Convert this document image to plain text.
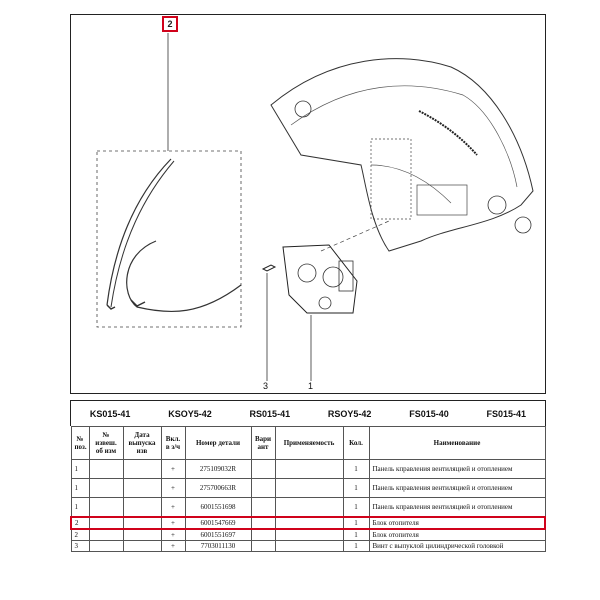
2
3	1
KS015-41	KSOY5-42	RS015-41	RSOY5-42	FS015-40	FS015-41
№ поз.	№ извеш. об изм	Дата выпуска изв	Вкл. в з/ч	Номер детали	Вари ант	Применяемость	Кол.	Наименование
1			+	275109032R			1	Панель кправления вентиляцией и отоплением
1			+	275700663R			1	Панель кправления вентиляцией и отоплением
1			+	6001551698			1	Панель кправления вентиляцией и отоплением
2			+	6001547669			1	Блок отопителя
2			+	6001551697			1	Блок отопителя
3			+	7703011130			1	Винт с выпуклой цилиндрической головкой
